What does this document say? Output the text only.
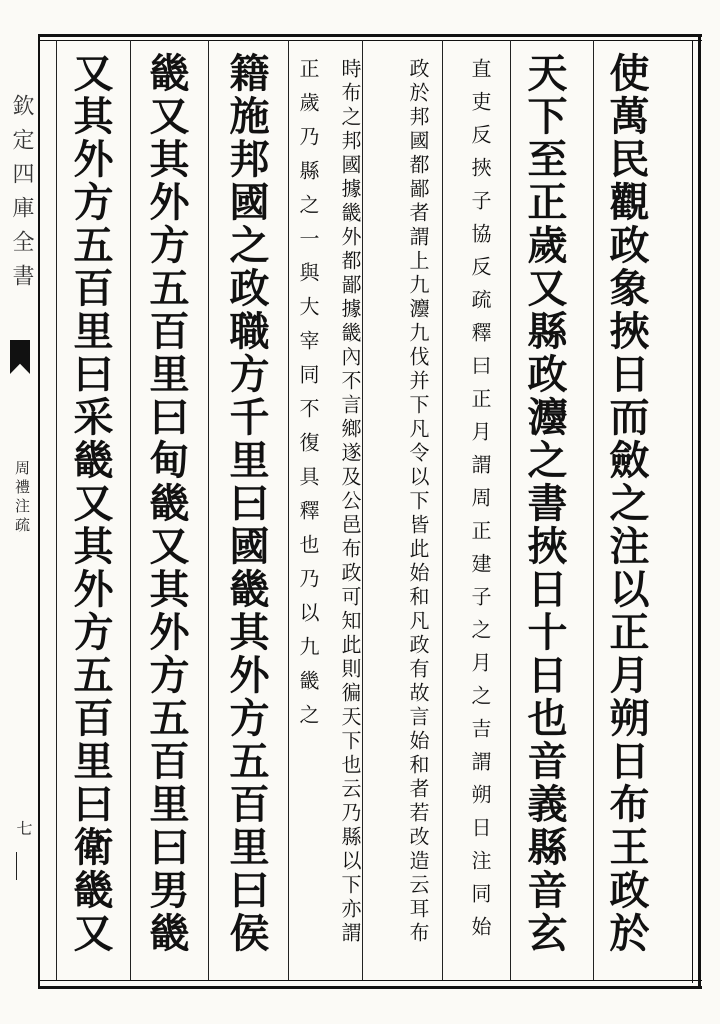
欽定四庫全書
周禮注疏
七	使萬民觀政象挾日而斂之注以正月朔日布王政於
天下至正歲又縣政灋之書挾日十日也音義縣音玄
直吏反挾子協反疏釋曰正月謂周正建子之月之吉謂朔日注同始
政於邦國都鄙者謂上九灋九伐并下凡令以下皆此始和凡政有故言始和者若改造云耳布
時布之邦國據畿外都鄙據畿內不言鄉遂及公邑布政可知此則徧天下也云乃縣以下亦謂
正歲乃縣之一與大宰同不復具釋也乃以九畿之
籍施邦國之政職方千里曰國畿其外方五百里曰侯
畿又其外方五百里曰甸畿又其外方五百里曰男畿
又其外方五百里曰采畿又其外方五百里曰衛畿又
